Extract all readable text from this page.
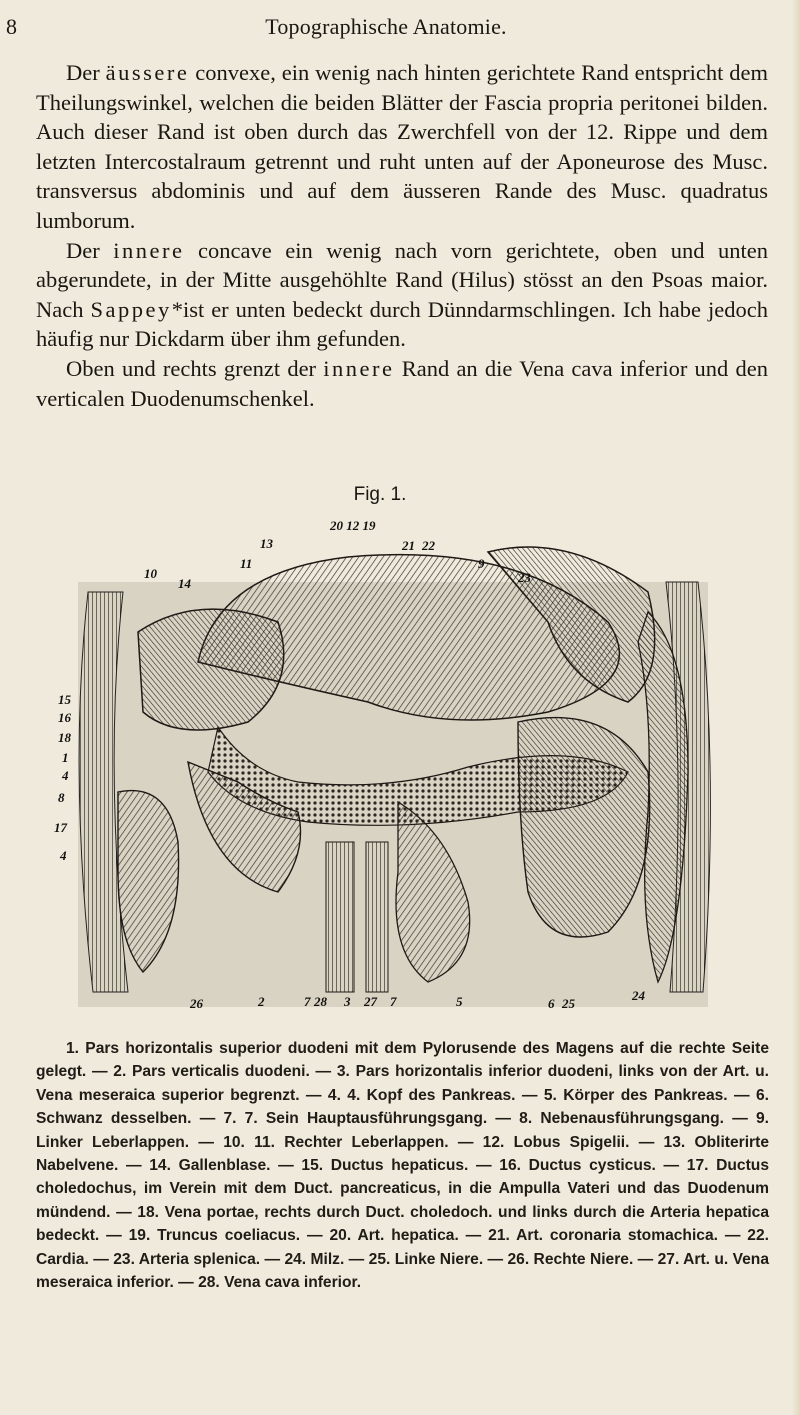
8	Topographische Anatomie.

Der äussere convexe, ein wenig nach hinten gerichtete Rand entspricht dem Theilungswinkel, welchen die beiden Blätter der Fascia propria peritonei bilden. Auch dieser Rand ist oben durch das Zwerchfell von der 12. Rippe und dem letzten Intercostalraum getrennt und ruht unten auf der Aponeurose des Musc. transversus abdominis und auf dem äusseren Rande des Musc. quadratus lumborum.

Der innere concave ein wenig nach vorn gerichtete, oben und unten abgerundete, in der Mitte ausgehöhlte Rand (Hilus) stösst an den Psoas maior. Nach Sappey*ist er unten bedeckt durch Dünndarmschlingen. Ich habe jedoch häufig nur Dickdarm über ihm gefunden.

Oben und rechts grenzt der innere Rand an die Vena cava inferior und den verticalen Duodenumschenkel.

Fig. 1.
20 12 19
13	21 22
10
11
14
9
23
15
16
18
1
4
8
17
4
26	2	7 28 3 27 7	5	6 25
24

1. Pars horizontalis superior duodeni mit dem Pylorusende des Magens auf die rechte Seite gelegt. — 2. Pars verticalis duodeni. — 3. Pars horizontalis inferior duodeni, links von der Art. u. Vena meseraica superior begrenzt. — 4. 4. Kopf des Pankreas. — 5. Körper des Pankreas. — 6. Schwanz desselben. — 7. 7. Sein Hauptausführungsgang. — 8. Nebenausführungsgang. — 9. Linker Leberlappen. — 10. 11. Rechter Leberlappen. — 12. Lobus Spigelii. — 13. Obliterirte Nabelvene. — 14. Gallenblase. — 15. Ductus hepaticus. — 16. Ductus cysticus. — 17. Ductus choledochus, im Verein mit dem Duct. pancreaticus, in die Ampulla Vateri und das Duodenum mündend. — 18. Vena portae, rechts durch Duct. choledoch. und links durch die Arteria hepatica bedeckt. — 19. Truncus coeliacus. — 20. Art. hepatica. — 21. Art. coronaria stomachica. — 22. Cardia. — 23. Arteria splenica. — 24. Milz. — 25. Linke Niere. — 26. Rechte Niere. — 27. Art. u. Vena meseraica inferior. — 28. Vena cava inferior.
